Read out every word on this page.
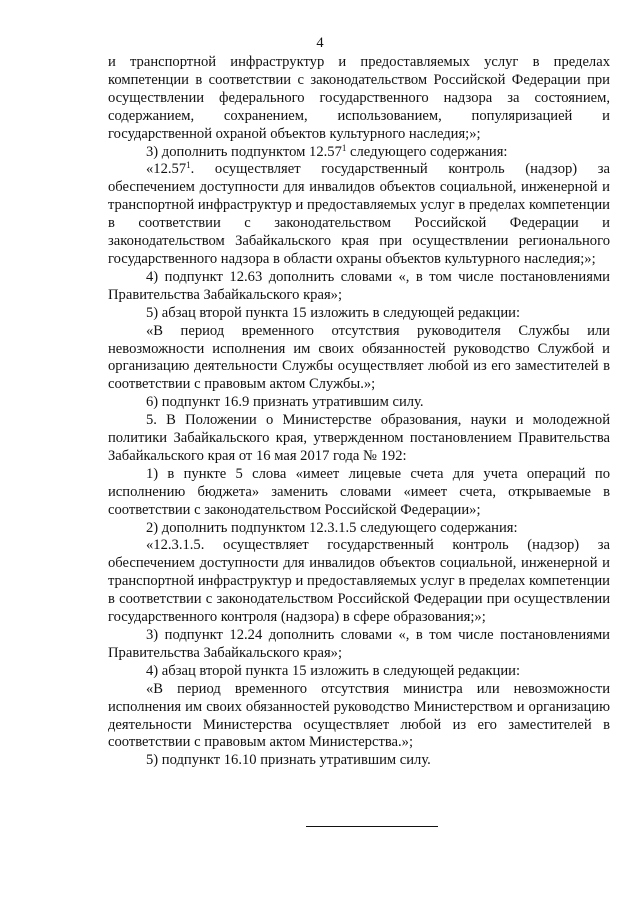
4

и транспортной инфраструктур и предоставляемых услуг в пределах компетенции в соответствии с законодательством Российской Федерации при осуществлении федерального государственного надзора за состоянием, содержанием, сохранением, использованием, популяризацией и государственной охраной объектов культурного наследия;»;

3) дополнить подпунктом 12.57$^1$ следующего содержания:

«12.57$^1$. осуществляет государственный контроль (надзор) за обеспечением доступности для инвалидов объектов социальной, инженерной и транспортной инфраструктур и предоставляемых услуг в пределах компетенции в соответствии с законодательством Российской Федерации и законодательством Забайкальского края при осуществлении регионального государственного надзора в области охраны объектов культурного наследия;»;

4) подпункт 12.63 дополнить словами «, в том числе постановлениями Правительства Забайкальского края»;

5) абзац второй пункта 15 изложить в следующей редакции:

«В период временного отсутствия руководителя Службы или невозможности исполнения им своих обязанностей руководство Службой и организацию деятельности Службы осуществляет любой из его заместителей в соответствии с правовым актом Службы.»;

6) подпункт 16.9 признать утратившим силу.

5. В Положении о Министерстве образования, науки и молодежной политики Забайкальского края, утвержденном постановлением Правительства Забайкальского края от 16 мая 2017 года № 192:

1) в пункте 5 слова «имеет лицевые счета для учета операций по исполнению бюджета» заменить словами «имеет счета, открываемые в соответствии с законодательством Российской Федерации»;

2) дополнить подпунктом 12.3.1.5 следующего содержания:

«12.3.1.5. осуществляет государственный контроль (надзор) за обеспечением доступности для инвалидов объектов социальной, инженерной и транспортной инфраструктур и предоставляемых услуг в пределах компетенции в соответствии с законодательством Российской Федерации при осуществлении государственного контроля (надзора) в сфере образования;»;

3) подпункт 12.24 дополнить словами «, в том числе постановлениями Правительства Забайкальского края»;

4) абзац второй пункта 15 изложить в следующей редакции:

«В период временного отсутствия министра или невозможности исполнения им своих обязанностей руководство Министерством и организацию деятельности Министерства осуществляет любой из его заместителей в соответствии с правовым актом Министерства.»;

5) подпункт 16.10 признать утратившим силу.
